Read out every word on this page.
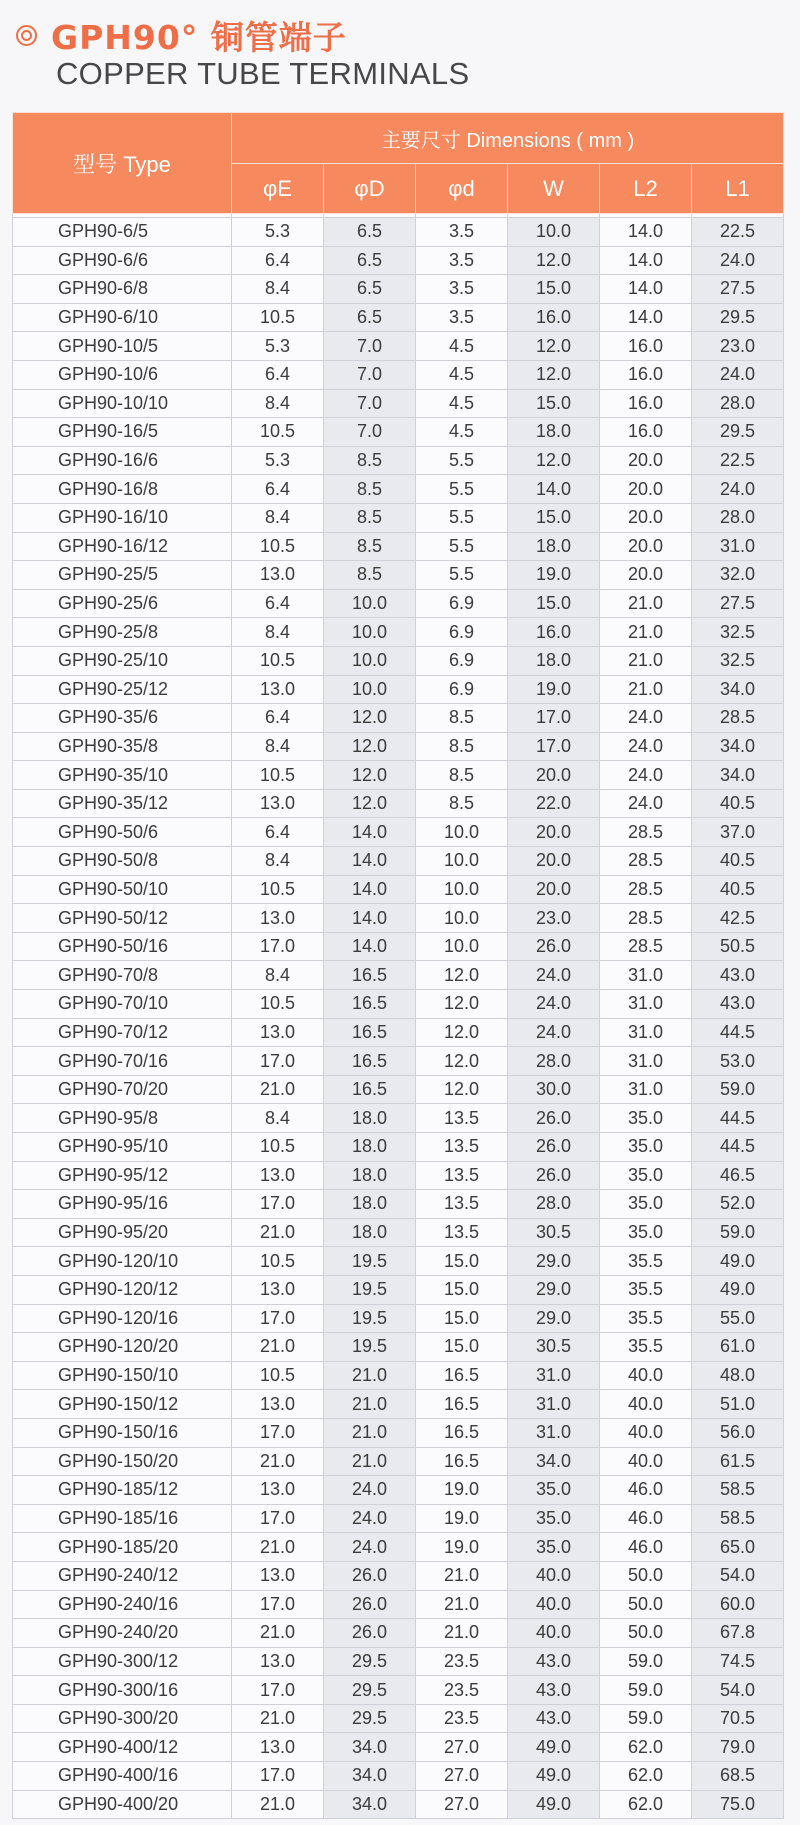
GPH90° 铜管端子
COPPER TUBE TERMINALS
型号 Type	主要尺寸 Dimensions ( mm )					
	φE	φD	φd	W	L2	L1

GPH90-6/5	5.3	6.5	3.5	10.0	14.0	22.5
GPH90-6/6	6.4	6.5	3.5	12.0	14.0	24.0
GPH90-6/8	8.4	6.5	3.5	15.0	14.0	27.5
GPH90-6/10	10.5	6.5	3.5	16.0	14.0	29.5
GPH90-10/5	5.3	7.0	4.5	12.0	16.0	23.0
GPH90-10/6	6.4	7.0	4.5	12.0	16.0	24.0
GPH90-10/10	8.4	7.0	4.5	15.0	16.0	28.0
GPH90-16/5	10.5	7.0	4.5	18.0	16.0	29.5
GPH90-16/6	5.3	8.5	5.5	12.0	20.0	22.5
GPH90-16/8	6.4	8.5	5.5	14.0	20.0	24.0
GPH90-16/10	8.4	8.5	5.5	15.0	20.0	28.0
GPH90-16/12	10.5	8.5	5.5	18.0	20.0	31.0
GPH90-25/5	13.0	8.5	5.5	19.0	20.0	32.0
GPH90-25/6	6.4	10.0	6.9	15.0	21.0	27.5
GPH90-25/8	8.4	10.0	6.9	16.0	21.0	32.5
GPH90-25/10	10.5	10.0	6.9	18.0	21.0	32.5
GPH90-25/12	13.0	10.0	6.9	19.0	21.0	34.0
GPH90-35/6	6.4	12.0	8.5	17.0	24.0	28.5
GPH90-35/8	8.4	12.0	8.5	17.0	24.0	34.0
GPH90-35/10	10.5	12.0	8.5	20.0	24.0	34.0
GPH90-35/12	13.0	12.0	8.5	22.0	24.0	40.5
GPH90-50/6	6.4	14.0	10.0	20.0	28.5	37.0
GPH90-50/8	8.4	14.0	10.0	20.0	28.5	40.5
GPH90-50/10	10.5	14.0	10.0	20.0	28.5	40.5
GPH90-50/12	13.0	14.0	10.0	23.0	28.5	42.5
GPH90-50/16	17.0	14.0	10.0	26.0	28.5	50.5
GPH90-70/8	8.4	16.5	12.0	24.0	31.0	43.0
GPH90-70/10	10.5	16.5	12.0	24.0	31.0	43.0
GPH90-70/12	13.0	16.5	12.0	24.0	31.0	44.5
GPH90-70/16	17.0	16.5	12.0	28.0	31.0	53.0
GPH90-70/20	21.0	16.5	12.0	30.0	31.0	59.0
GPH90-95/8	8.4	18.0	13.5	26.0	35.0	44.5
GPH90-95/10	10.5	18.0	13.5	26.0	35.0	44.5
GPH90-95/12	13.0	18.0	13.5	26.0	35.0	46.5
GPH90-95/16	17.0	18.0	13.5	28.0	35.0	52.0
GPH90-95/20	21.0	18.0	13.5	30.5	35.0	59.0
GPH90-120/10	10.5	19.5	15.0	29.0	35.5	49.0
GPH90-120/12	13.0	19.5	15.0	29.0	35.5	49.0
GPH90-120/16	17.0	19.5	15.0	29.0	35.5	55.0
GPH90-120/20	21.0	19.5	15.0	30.5	35.5	61.0
GPH90-150/10	10.5	21.0	16.5	31.0	40.0	48.0
GPH90-150/12	13.0	21.0	16.5	31.0	40.0	51.0
GPH90-150/16	17.0	21.0	16.5	31.0	40.0	56.0
GPH90-150/20	21.0	21.0	16.5	34.0	40.0	61.5
GPH90-185/12	13.0	24.0	19.0	35.0	46.0	58.5
GPH90-185/16	17.0	24.0	19.0	35.0	46.0	58.5
GPH90-185/20	21.0	24.0	19.0	35.0	46.0	65.0
GPH90-240/12	13.0	26.0	21.0	40.0	50.0	54.0
GPH90-240/16	17.0	26.0	21.0	40.0	50.0	60.0
GPH90-240/20	21.0	26.0	21.0	40.0	50.0	67.8
GPH90-300/12	13.0	29.5	23.5	43.0	59.0	74.5
GPH90-300/16	17.0	29.5	23.5	43.0	59.0	54.0
GPH90-300/20	21.0	29.5	23.5	43.0	59.0	70.5
GPH90-400/12	13.0	34.0	27.0	49.0	62.0	79.0
GPH90-400/16	17.0	34.0	27.0	49.0	62.0	68.5
GPH90-400/20	21.0	34.0	27.0	49.0	62.0	75.0
